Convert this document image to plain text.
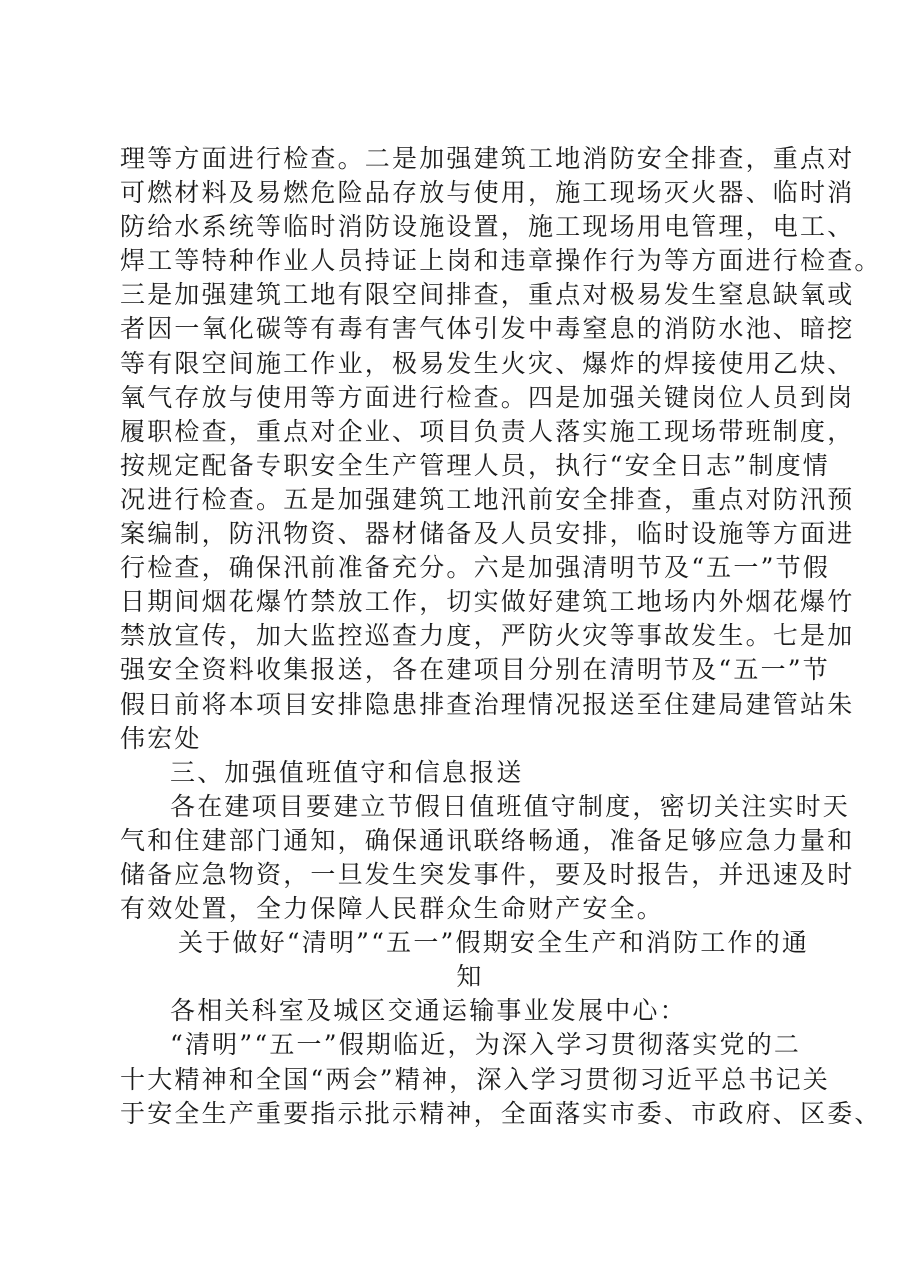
理等方面进行检查。二是加强建筑工地消防安全排查，重点对
可燃材料及易燃危险品存放与使用，施工现场灭火器、临时消
防给水系统等临时消防设施设置，施工现场用电管理，电工、
焊工等特种作业人员持证上岗和违章操作行为等方面进行检查。
三是加强建筑工地有限空间排查，重点对极易发生窒息缺氧或
者因一氧化碳等有毒有害气体引发中毒窒息的消防水池、暗挖
等有限空间施工作业，极易发生火灾、爆炸的焊接使用乙炔、
氧气存放与使用等方面进行检查。四是加强关键岗位人员到岗
履职检查，重点对企业、项目负责人落实施工现场带班制度，
按规定配备专职安全生产管理人员，执行“安全日志”制度情
况进行检查。五是加强建筑工地汛前安全排查，重点对防汛预
案编制，防汛物资、器材储备及人员安排，临时设施等方面进
行检查，确保汛前准备充分。六是加强清明节及“五一”节假
日期间烟花爆竹禁放工作，切实做好建筑工地场内外烟花爆竹
禁放宣传，加大监控巡查力度，严防火灾等事故发生。七是加
强安全资料收集报送，各在建项目分别在清明节及“五一”节
假日前将本项目安排隐患排查治理情况报送至住建局建管站朱
伟宏处
三、加强值班值守和信息报送
各在建项目要建立节假日值班值守制度，密切关注实时天
气和住建部门通知，确保通讯联络畅通，准备足够应急力量和
储备应急物资，一旦发生突发事件，要及时报告，并迅速及时
有效处置，全力保障人民群众生命财产安全。
关于做好“清明”“五一”假期安全生产和消防工作的通
知
各相关科室及城区交通运输事业发展中心：
“清明”“五一”假期临近，为深入学习贯彻落实党的二
十大精神和全国“两会”精神，深入学习贯彻习近平总书记关
于安全生产重要指示批示精神，全面落实市委、市政府、区委、
